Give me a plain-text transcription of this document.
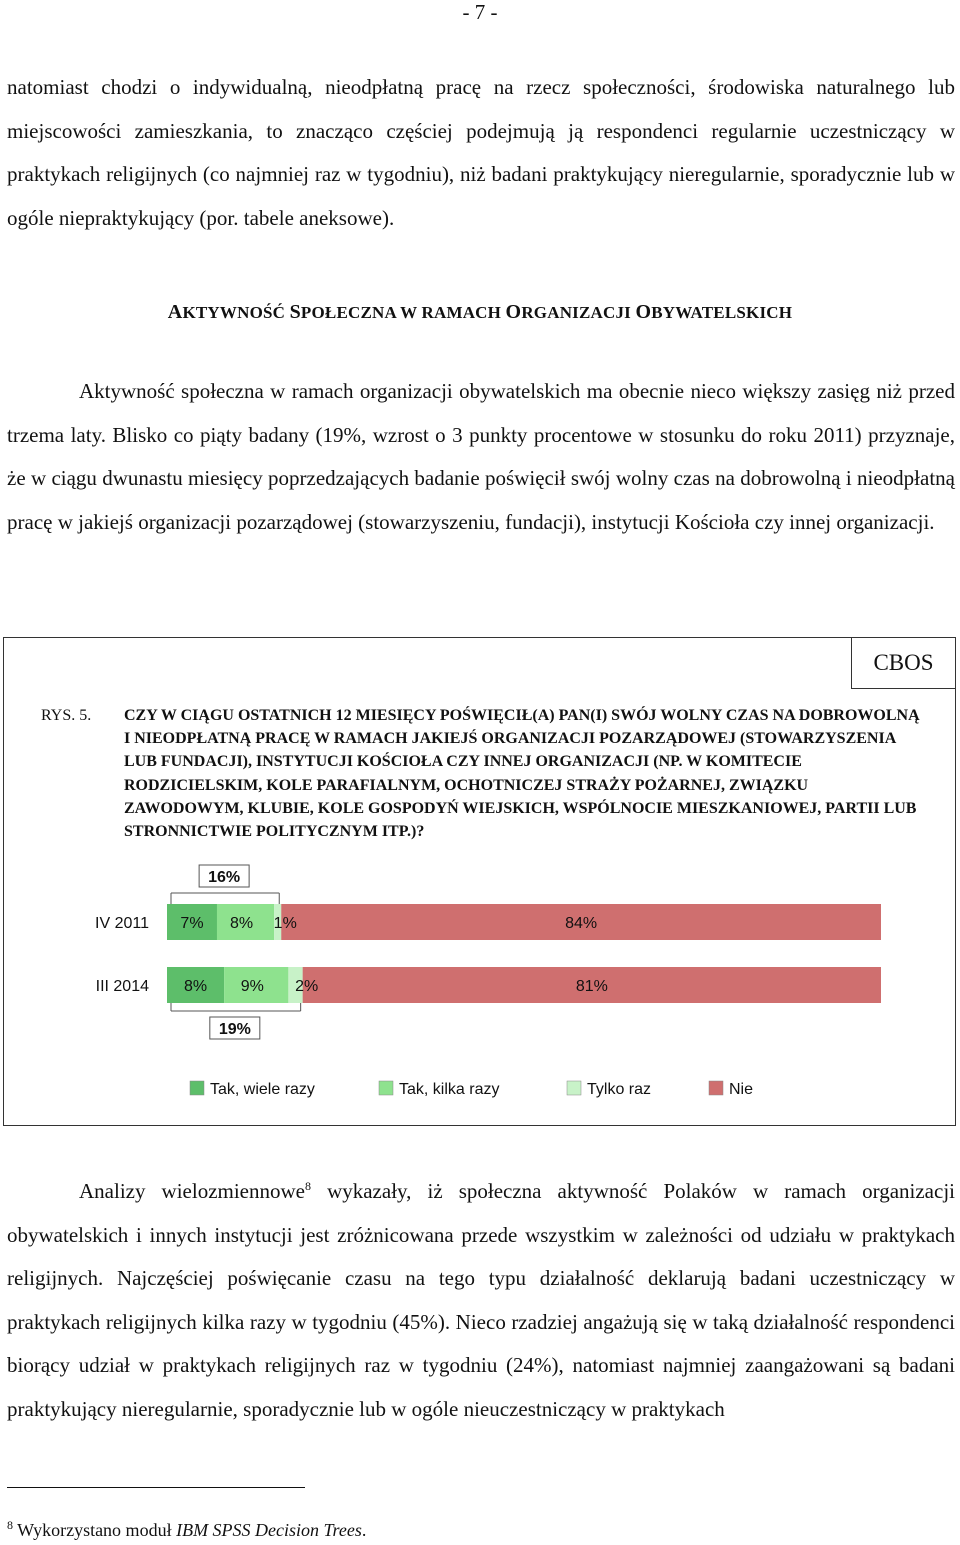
- 7 -

natomiast chodzi o indywidualną, nieodpłatną pracę na rzecz społeczności, środowiska naturalnego lub miejscowości zamieszkania, to znacząco częściej podejmują ją respondenci regularnie uczestniczący w praktykach religijnych (co najmniej raz w tygodniu), niż badani praktykujący nieregularnie, sporadycznie lub w ogóle niepraktykujący (por. tabele aneksowe).

AKTYWNOŚĆ SPOŁECZNA W RAMACH ORGANIZACJI OBYWATELSKICH

Aktywność społeczna w ramach organizacji obywatelskich ma obecnie nieco większy zasięg niż przed trzema laty. Blisko co piąty badany (19%, wzrost o 3 punkty procentowe w stosunku do roku 2011) przyznaje, że w ciągu dwunastu miesięcy poprzedzających badanie poświęcił swój wolny czas na dobrowolną i nieodpłatną pracę w jakiejś organizacji pozarządowej (stowarzyszeniu, fundacji), instytucji Kościoła czy innej organizacji.

CBOS
RYS. 5. CZY W CIĄGU OSTATNICH 12 MIESIĘCY POŚWIĘCIŁ(A) PAN(I) SWÓJ WOLNY CZAS NA DOBROWOLNĄ I NIEODPŁATNĄ PRACĘ W RAMACH JAKIEJŚ ORGANIZACJI POZARZĄDOWEJ (STOWARZYSZENIA LUB FUNDACJI), INSTYTUCJI KOŚCIOŁA CZY INNEJ ORGANIZACJI (NP. W KOMITECIE RODZICIELSKIM, KOLE PARAFIALNYM, OCHOTNICZEJ STRAŻY POŻARNEJ, ZWIĄZKU ZAWODOWYM, KLUBIE, KOLE GOSPODYŃ WIEJSKICH, WSPÓLNOCIE MIESZKANIOWEJ, PARTII LUB STRONNICTWIE POLITYCZNYM ITP.)?

IV 2011 7% 8% 1%	84%
16%
III 2014 8% 9% 2%	81%
19%
Tak, wiele razy	Tak, kilka razy	Tylko raz	Nie

Analizy wielozmiennowe$^8$ wykazały, iż społeczna aktywność Polaków w ramach organizacji obywatelskich i innych instytucji jest zróżnicowana przede wszystkim w zależności od udziału w praktykach religijnych. Najczęściej poświęcanie czasu na tego typu działalność deklarują badani uczestniczący w praktykach religijnych kilka razy w tygodniu (45%). Nieco rzadziej angażują się w taką działalność respondenci biorący udział w praktykach religijnych raz w tygodniu (24%), natomiast najmniej zaangażowani są badani praktykujący nieregularnie, sporadycznie lub w ogóle nieuczestniczący w praktykach

$^8$ Wykorzystano moduł IBM SPSS Decision Trees.
